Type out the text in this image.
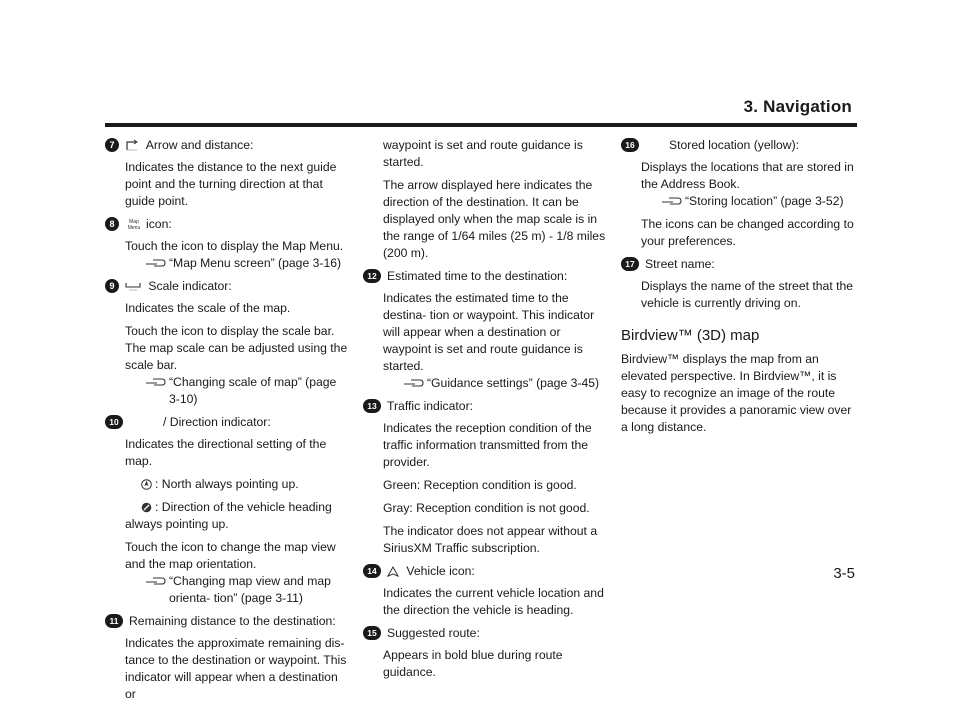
3. Navigation
7	Arrow and distance:

Indicates the distance to the next guide point and the turning direction at that guide point.

8	Map
Menu icon:

Touch the icon to display the Map Menu.

“Map Menu screen” (page 3-16)
9	Scale indicator:

Indicates the scale of the map.

Touch the icon to display the scale bar. The map scale can be adjusted using the scale bar.

“Changing scale of map” (page 3-10)
10	/ Direction indicator:

Indicates the directional setting of the map.

: North always pointing up.

: Direction of the vehicle heading always pointing up.

Touch the icon to change the map view and the map orientation.

“Changing map view and map orienta- tion” (page 3-11)
11 Remaining distance to the destination:

Indicates the approximate remaining dis- tance to the destination or waypoint. This indicator will appear when a destination or

waypoint is set and route guidance is started.

The arrow displayed here indicates the direction of the destination. It can be displayed only when the map scale is in the range of 1/64 miles (25 m) - 1/8 miles (200 m).

12 Estimated time to the destination:

Indicates the estimated time to the destina- tion or waypoint. This indicator will appear when a destination or waypoint is set and route guidance is started.

“Guidance settings” (page 3-45)
13 Traffic indicator:

Indicates the reception condition of the traffic information transmitted from the provider.

Green: Reception condition is good.

Gray: Reception condition is not good.

The indicator does not appear without a SiriusXM Traffic subscription.

14	Vehicle icon:

Indicates the current vehicle location and the direction the vehicle is heading.

15 Suggested route:

Appears in bold blue during route guidance.

16	Stored location (yellow):

Displays the locations that are stored in the Address Book.

“Storing location” (page 3-52)

The icons can be changed according to your preferences.

17 Street name:

Displays the name of the street that the vehicle is currently driving on.

Birdview™ (3D) map

Birdview™ displays the map from an elevated perspective. In Birdview™, it is easy to recognize an image of the route because it provides a panoramic view over a long distance.

3-5
